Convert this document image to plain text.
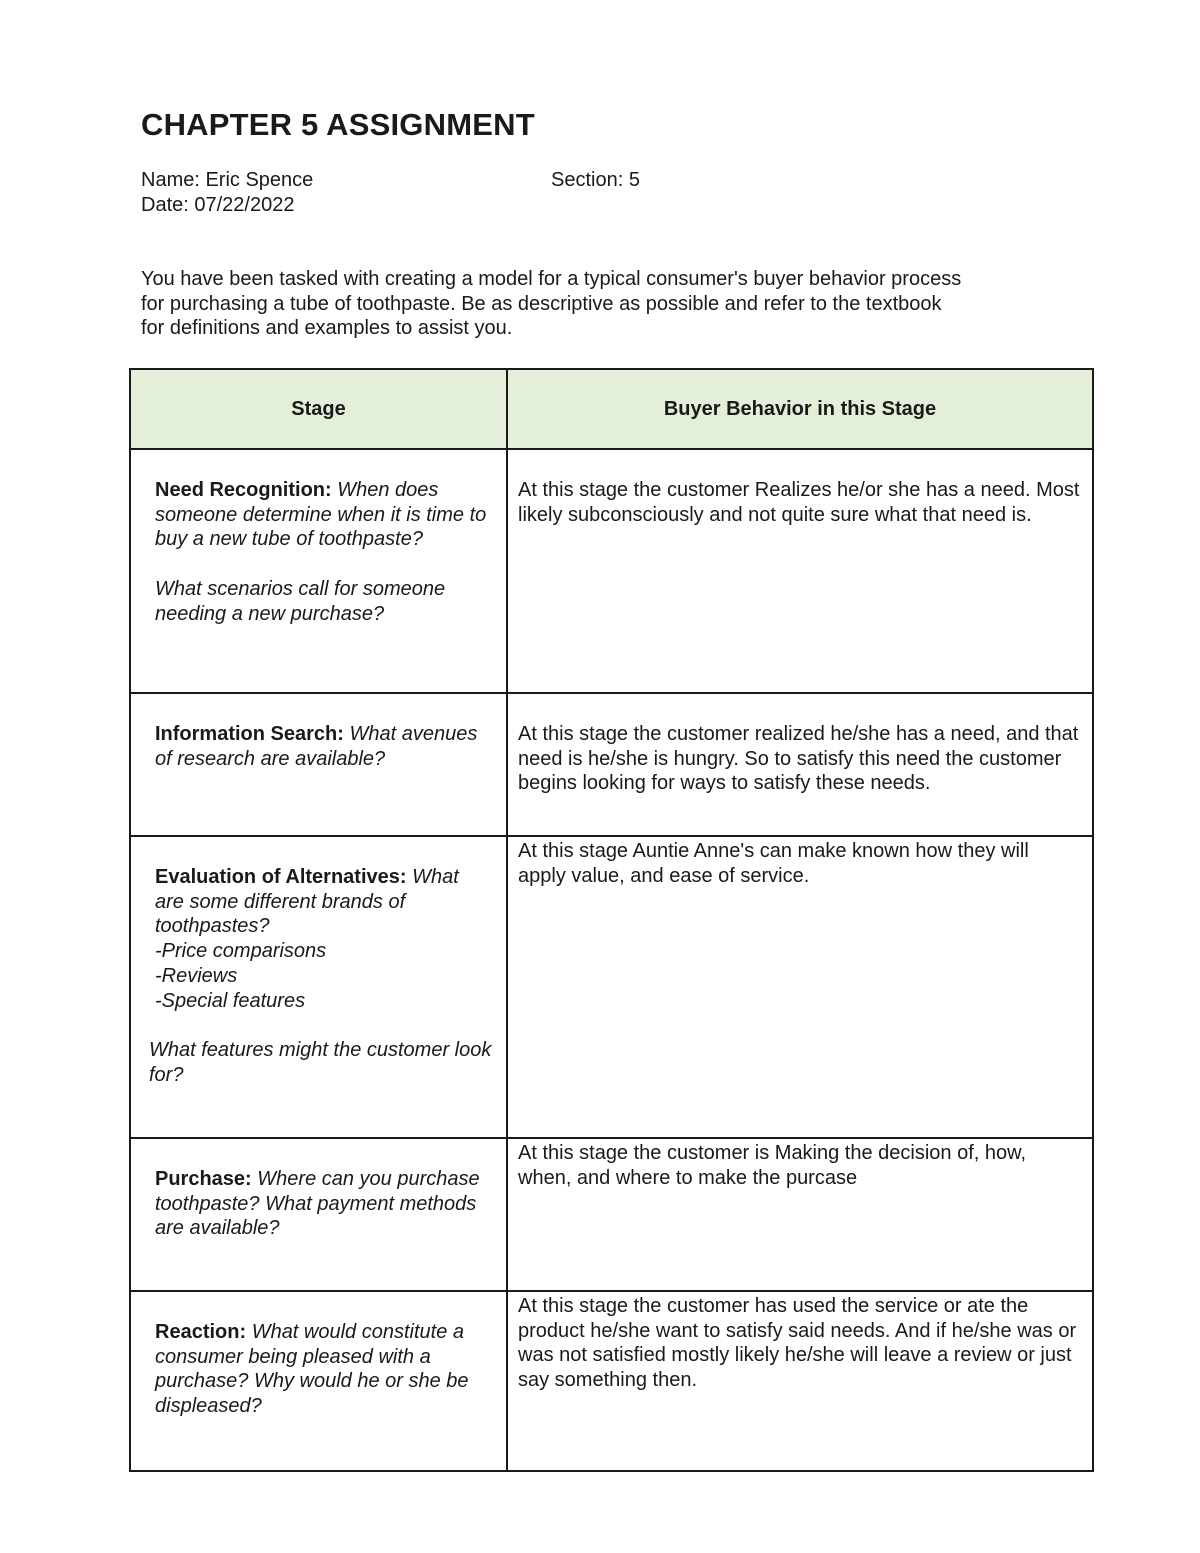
CHAPTER 5 ASSIGNMENT

Name: Eric Spence	Section: 5

Date: 07/22/2022

You have been tasked with creating a model for a typical consumer's buyer behavior process
for purchasing a tube of toothpaste. Be as descriptive as possible and refer to the textbook
for definitions and examples to assist you.
Stage	Buyer Behavior in this Stage
Need Recognition: When does someone determine when it is time to buy a new tube of toothpaste?
What scenarios call for someone needing a new purchase?	At this stage the customer Realizes he/or she has a need. Most likely subconsciously and not quite sure what that need is.
Information Search: What avenues of research are available?	At this stage the customer realized he/she has a need, and that need is he/she is hungry. So to satisfy this need the customer begins looking for ways to satisfy these needs.
Evaluation of Alternatives: What are some different brands of toothpastes?
-Price comparisons
-Reviews
-Special features
What features might the customer look for?	At this stage Auntie Anne's can make known how they will apply value, and ease of service.
Purchase: Where can you purchase toothpaste? What payment methods are available?	At this stage the customer is Making the decision of, how, when, and where to make the purcase
Reaction: What would constitute a consumer being pleased with a purchase? Why would he or she be displeased?	At this stage the customer has used the service or ate the product he/she want to satisfy said needs. And if he/she was or was not satisfied mostly likely he/she will leave a review or just say something then.
